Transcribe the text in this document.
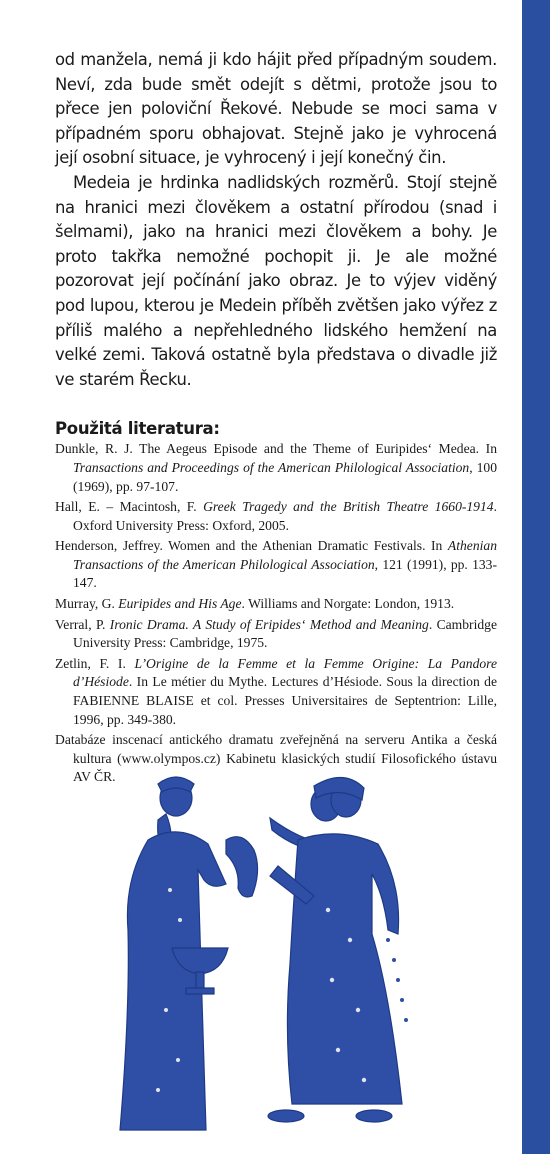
od manžela, nemá ji kdo hájit před případným soudem. Neví, zda bude smět odejít s dětmi, protože jsou to přece jen poloviční Řekové. Nebude se moci sama v případném sporu obhajovat. Stejně jako je vyhrocená její osobní situace, je vyhrocený i její konečný čin.

Medeia je hrdinka nadlidských rozměrů. Stojí stejně na hranici mezi člověkem a ostatní přírodou (snad i šelmami), jako na hranici mezi člověkem a bohy. Je proto takřka nemožné pochopit ji. Je ale možné pozorovat její počínání jako obraz. Je to výjev viděný pod lupou, kterou je Medein příběh zvětšen jako výřez z příliš malého a nepřehledného lidského hemžení na velké zemi. Taková ostatně byla představa o divadle již ve starém Řecku.

Použitá literatura:
Dunkle, R. J. The Aegeus Episode and the Theme of Euripides‘ Medea. In Transactions and Proceedings of the American Philological Association, 100 (1969), pp. 97-107.
Hall, E. – Macintosh, F. Greek Tragedy and the British Theatre 1660-1914. Oxford University Press: Oxford, 2005.
Henderson, Jeffrey. Women and the Athenian Dramatic Festivals. In Athenian Transactions of the American Philological Association, 121 (1991), pp. 133-147.
Murray, G. Euripides and His Age. Williams and Norgate: London, 1913.
Verral, P. Ironic Drama. A Study of Eripides‘ Method and Meaning. Cambridge University Press: Cambridge, 1975.
Zetlin, F. I. L’Origine de la Femme et la Femme Origine: La Pandore d’Hésiode. In Le métier du Mythe. Lectures d’Hésiode. Sous la direction de FABIENNE BLAISE et col. Presses Universitaires de Septentrion: Lille, 1996, pp. 349-380.
Databáze inscenací antického dramatu zveřejněná na serveru Antika a česká kultura (www.olympos.cz) Kabinetu klasických studií Filosofického ústavu AV ČR.
